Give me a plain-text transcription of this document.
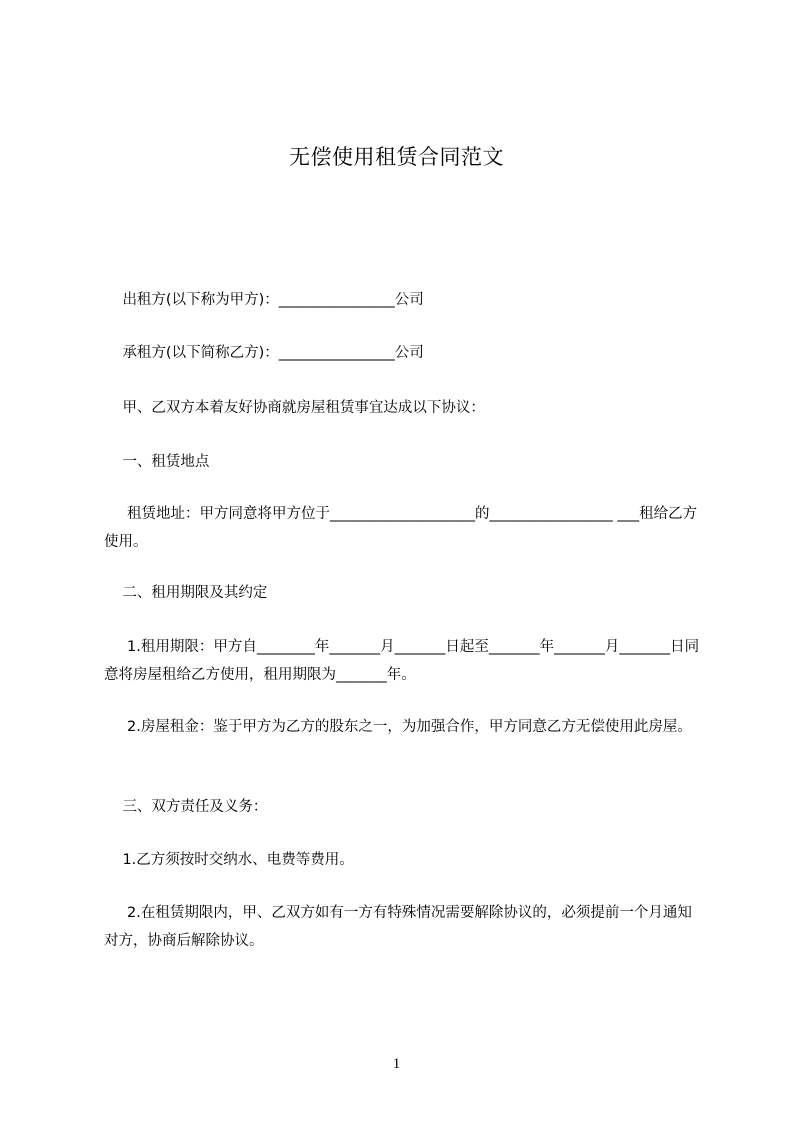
无偿使用租赁合同范文

出租方(以下称为甲方)：________________公司

承租方(以下简称乙方)：________________公司

甲、乙双方本着友好协商就房屋租赁事宜达成以下协议：

一、租赁地点

租赁地址：甲方同意将甲方位于____________________的_________________ ___租给乙方使用。

二、租用期限及其约定

1.租用期限：甲方自________年_______月_______日起至_______年_______月_______日同意将房屋租给乙方使用，租用期限为_______年。

2.房屋租金：鉴于甲方为乙方的股东之一，为加强合作，甲方同意乙方无偿使用此房屋。

三、双方责任及义务：

1.乙方须按时交纳水、电费等费用。

2.在租赁期限内，甲、乙双方如有一方有特殊情况需要解除协议的，必须提前一个月通知对方，协商后解除协议。

1
